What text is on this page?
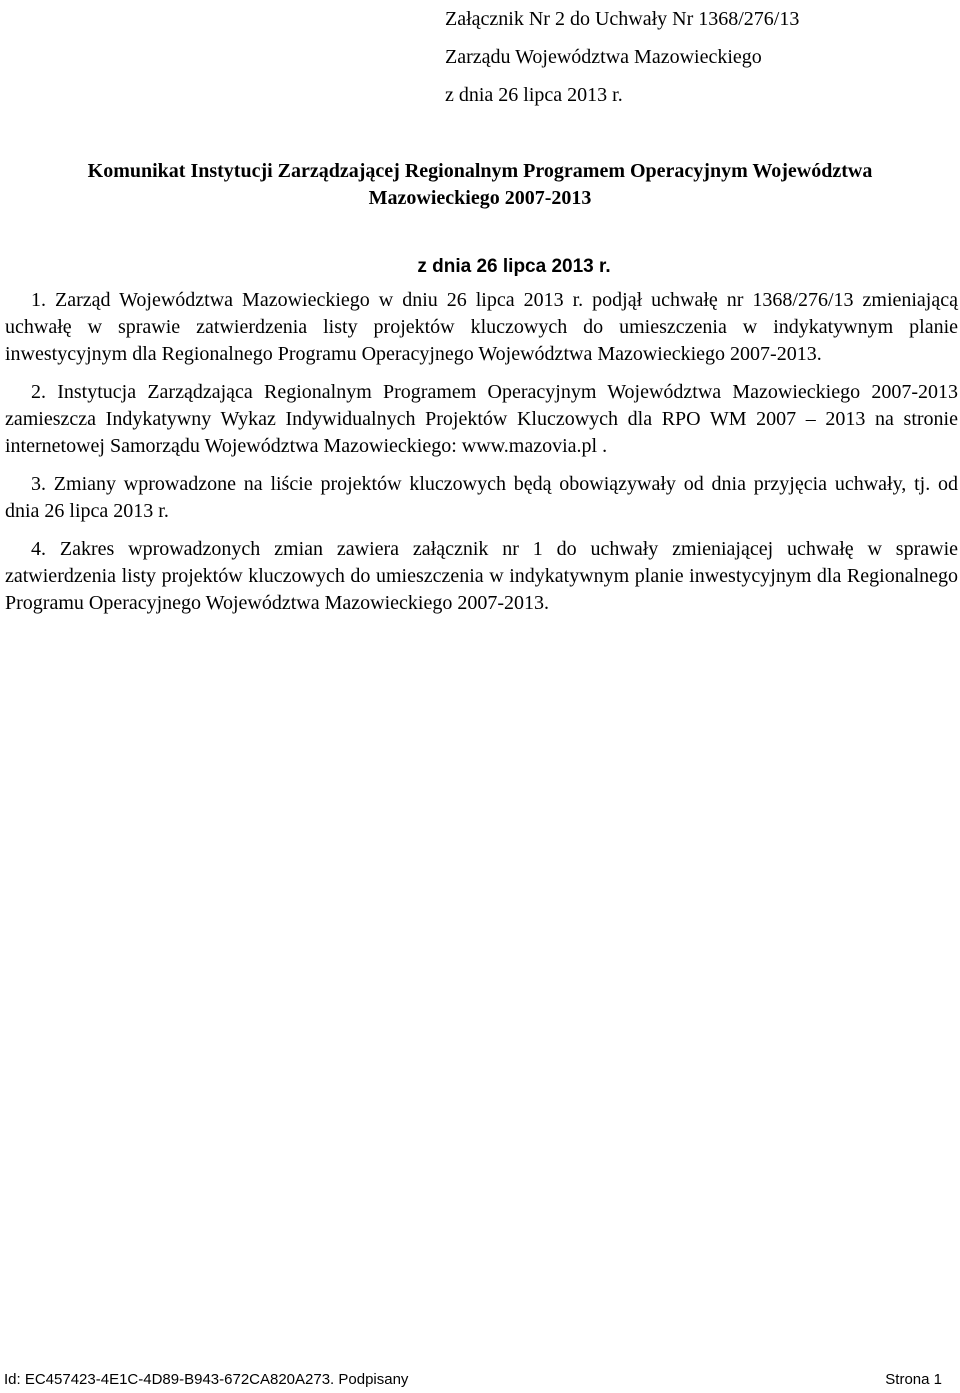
Załącznik Nr 2 do Uchwały Nr 1368/276/13
Zarządu Województwa Mazowieckiego
z dnia 26 lipca 2013 r.
Komunikat Instytucji Zarządzającej Regionalnym Programem Operacyjnym Województwa
Mazowieckiego 2007-2013
z dnia 26 lipca 2013 r.

1. Zarząd Województwa Mazowieckiego w dniu 26 lipca 2013 r. podjął uchwałę nr 1368/276/13 zmieniającą uchwałę w sprawie zatwierdzenia listy projektów kluczowych do umieszczenia w indykatywnym planie inwestycyjnym dla Regionalnego Programu Operacyjnego Województwa Mazowieckiego 2007-2013.

2. Instytucja Zarządzająca Regionalnym Programem Operacyjnym Województwa Mazowieckiego 2007-2013 zamieszcza Indykatywny Wykaz Indywidualnych Projektów Kluczowych dla RPO WM 2007 – 2013 na stronie internetowej Samorządu Województwa Mazowieckiego: www.mazovia.pl .

3. Zmiany wprowadzone na liście projektów kluczowych będą obowiązywały od dnia przyjęcia uchwały, tj. od dnia 26 lipca 2013 r.

4. Zakres wprowadzonych zmian zawiera załącznik nr 1 do uchwały zmieniającej uchwałę w sprawie zatwierdzenia listy projektów kluczowych do umieszczenia w indykatywnym planie inwestycyjnym dla Regionalnego Programu Operacyjnego Województwa Mazowieckiego 2007-2013.

Id: EC457423-4E1C-4D89-B943-672CA820A273. Podpisany	Strona 1
